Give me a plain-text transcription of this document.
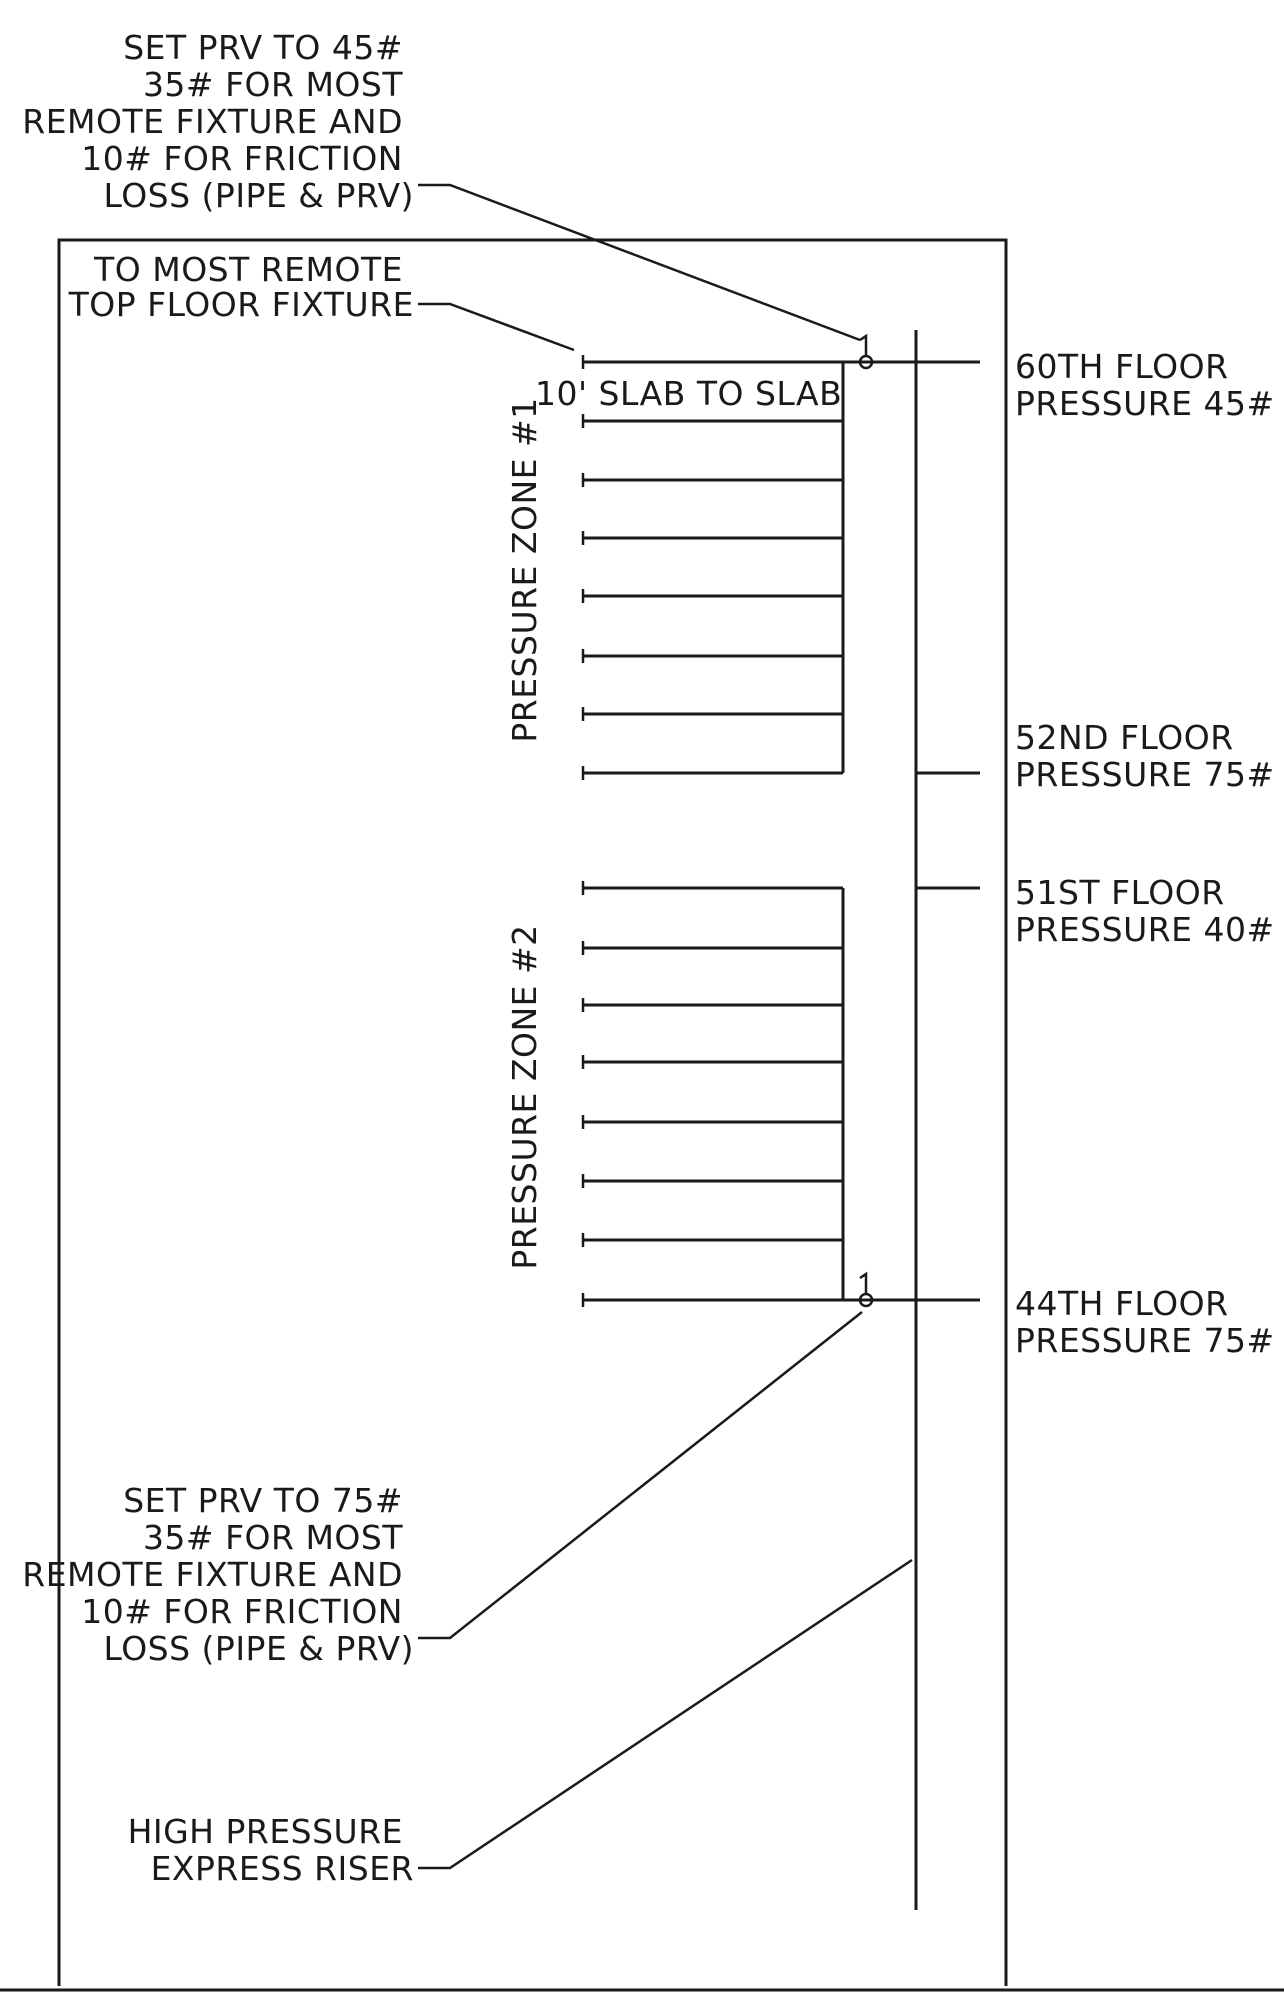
SET PRV TO 45# 35# FOR MOST REMOTE FIXTURE AND 10# FOR FRICTION LOSS (PIPE & PRV)
TO MOST REMOTE TOP FLOOR FIXTURE
10' SLAB TO SLAB
PRESSURE ZONE #1
PRESSURE ZONE #2
60TH FLOOR PRESSURE 45#
52ND FLOOR PRESSURE 75#
51ST FLOOR PRESSURE 40#
44TH FLOOR PRESSURE 75#
SET PRV TO 75# 35# FOR MOST REMOTE FIXTURE AND 10# FOR FRICTION LOSS (PIPE & PRV)
HIGH PRESSURE EXPRESS RISER
